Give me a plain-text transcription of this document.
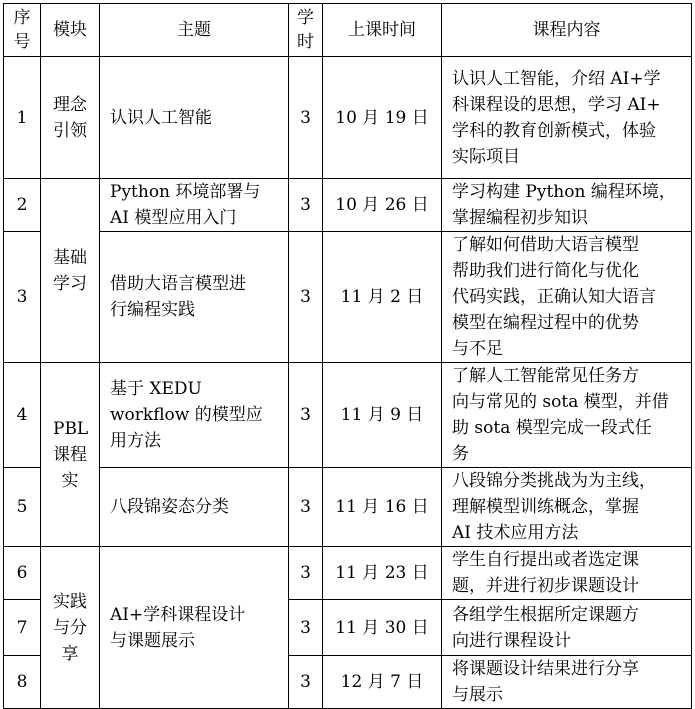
序号	模块	主题	学时	上课时间	课程内容
1	理念引领	认识人工智能	3	10 月 19 日	认识人工智能，介绍 AI+学
科课程设的思想，学习 AI+
学科的教育创新模式，体验
实际项目

2	基础学习	Python 环境部署与
AI 模型应用入门	3	10 月 26 日	学习构建 Python 编程环境，
掌握编程初步知识

3		借助大语言模型进
行编程实践	3	11 月 2 日	了解如何借助大语言模型
帮助我们进行简化与优化
代码实践，正确认知大语言
模型在编程过程中的优势
与不足

4	PBL课程实	基于 XEDU
workflow 的模型应
用方法	3	11 月 9 日	了解人工智能常见任务方
向与常见的 sota 模型，并借
助 sota 模型完成一段式任
务

5		八段锦姿态分类	3	11 月 16 日	八段锦分类挑战为为主线，
理解模型训练概念，掌握
AI 技术应用方法

6	实践与分享	AI+学科课程设计
与课题展示	3	11 月 23 日	学生自行提出或者选定课
题，并进行初步课题设计

7			3	11 月 30 日	各组学生根据所定课题方
向进行课程设计

8			3	12 月 7 日	将课题设计结果进行分享
与展示
